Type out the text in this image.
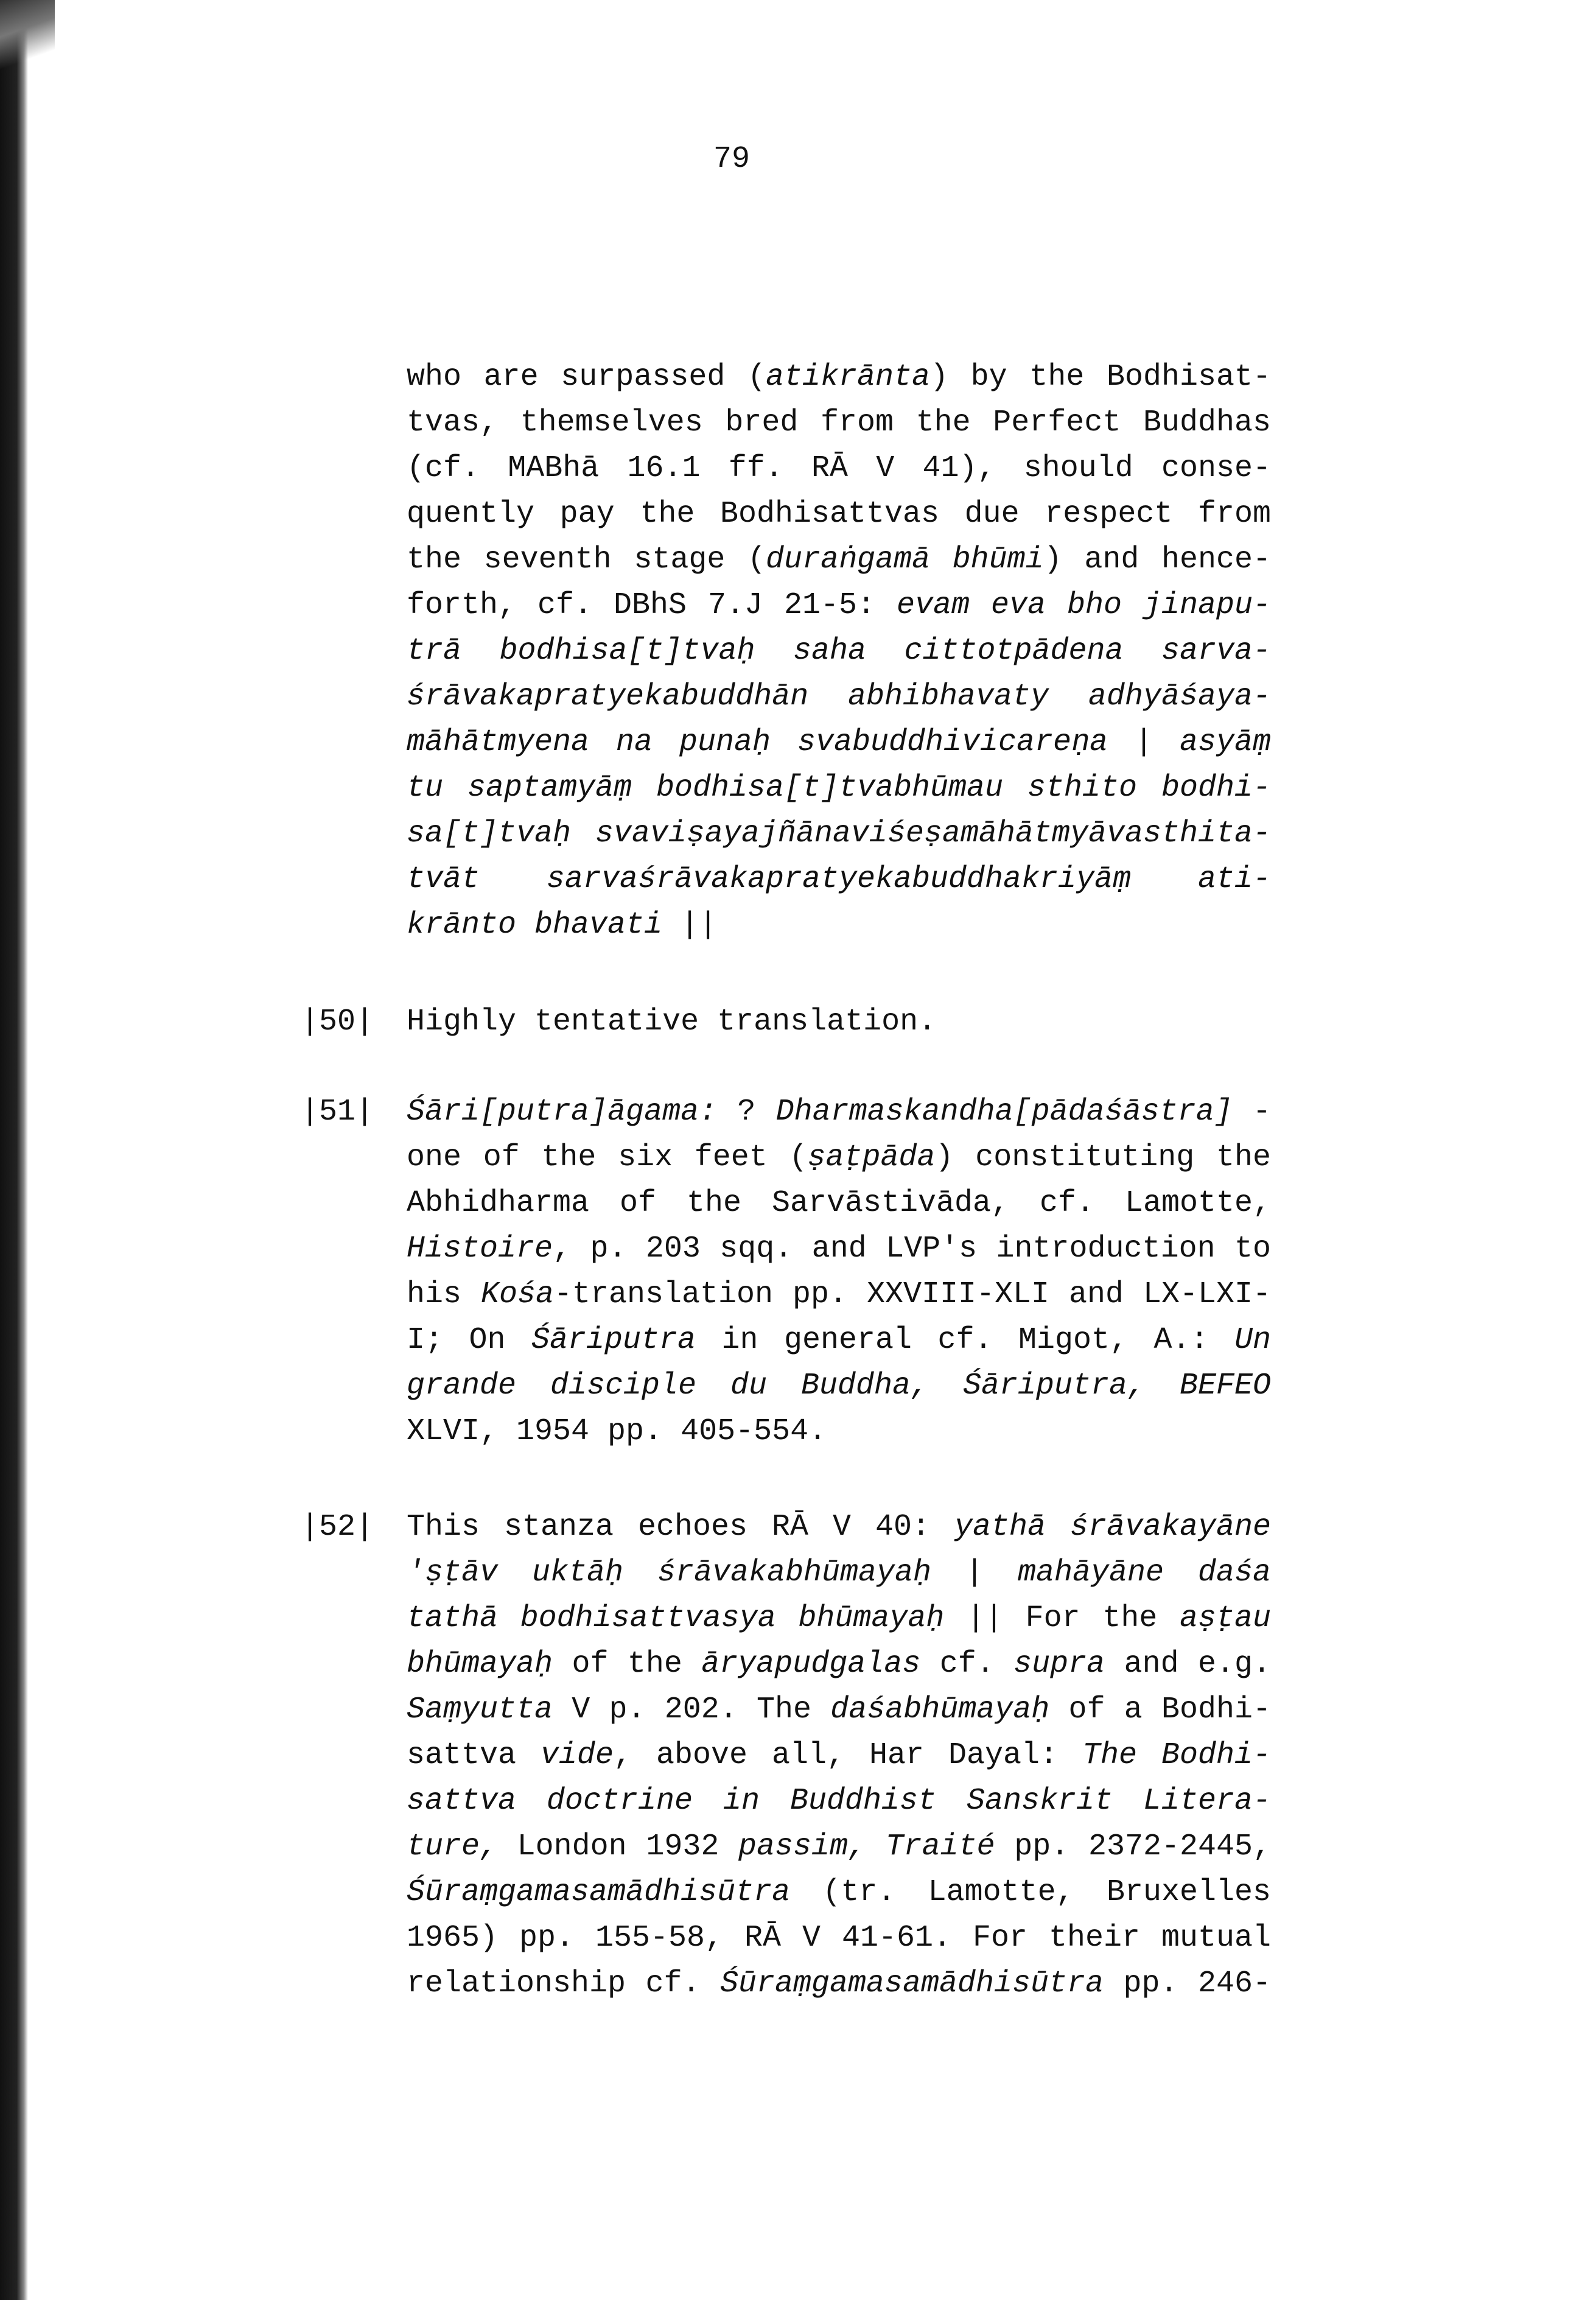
79
who are surpassed (atikrānta) by the Bodhisat-
tvas, themselves bred from the Perfect Buddhas
(cf. MABhā 16.1 ff. RĀ V 41), should conse-
quently pay the Bodhisattvas due respect from
the seventh stage (duraṅgamā bhūmi) and hence-
forth, cf. DBhS 7.J 21-5: evam eva bho jinapu-
trā bodhisa[t]tvaḥ saha cittotpādena sarva-
śrāvakapratyekabuddhān abhibhavaty adhyāśaya-
māhātmyena na punaḥ svabuddhivicareṇa | asyāṃ
tu saptamyāṃ bodhisa[t]tvabhūmau sthito bodhi-
sa[t]tvaḥ svaviṣayajñānaviśeṣamāhātmyāvasthita-
tvāt sarvaśrāvakapratyekabuddhakriyāṃ ati-
krānto bhavati ||
|50| Highly tentative translation.
|51| Śāri[putra]āgama: ? Dharmaskandha[pādaśāstra] -
one of the six feet (ṣaṭpāda) constituting the
Abhidharma of the Sarvāstivāda, cf. Lamotte,
Histoire, p. 203 sqq. and LVP's introduction to
his Kośa-translation pp. XXVIII-XLI and LX-LXI-
I; On Śāriputra in general cf. Migot, A.: Un
grande disciple du Buddha, Śāriputra, BEFEO
XLVI, 1954 pp. 405-554.
|52| This stanza echoes RĀ V 40: yathā śrāvakayāne
'ṣṭāv uktāḥ śrāvakabhūmayaḥ | mahāyāne daśa
tathā bodhisattvasya bhūmayaḥ || For the aṣṭau
bhūmayaḥ of the āryapudgalas cf. supra and e.g.
Saṃyutta V p. 202. The daśabhūmayaḥ of a Bodhi-
sattva vide, above all, Har Dayal: The Bodhi-
sattva doctrine in Buddhist Sanskrit Litera-
ture, London 1932 passim, Traité pp. 2372-2445,
Śūraṃgamasamādhisūtra (tr. Lamotte, Bruxelles
1965) pp. 155-58, RĀ V 41-61. For their mutual
relationship cf. Śūraṃgamasamādhisūtra pp. 246-
